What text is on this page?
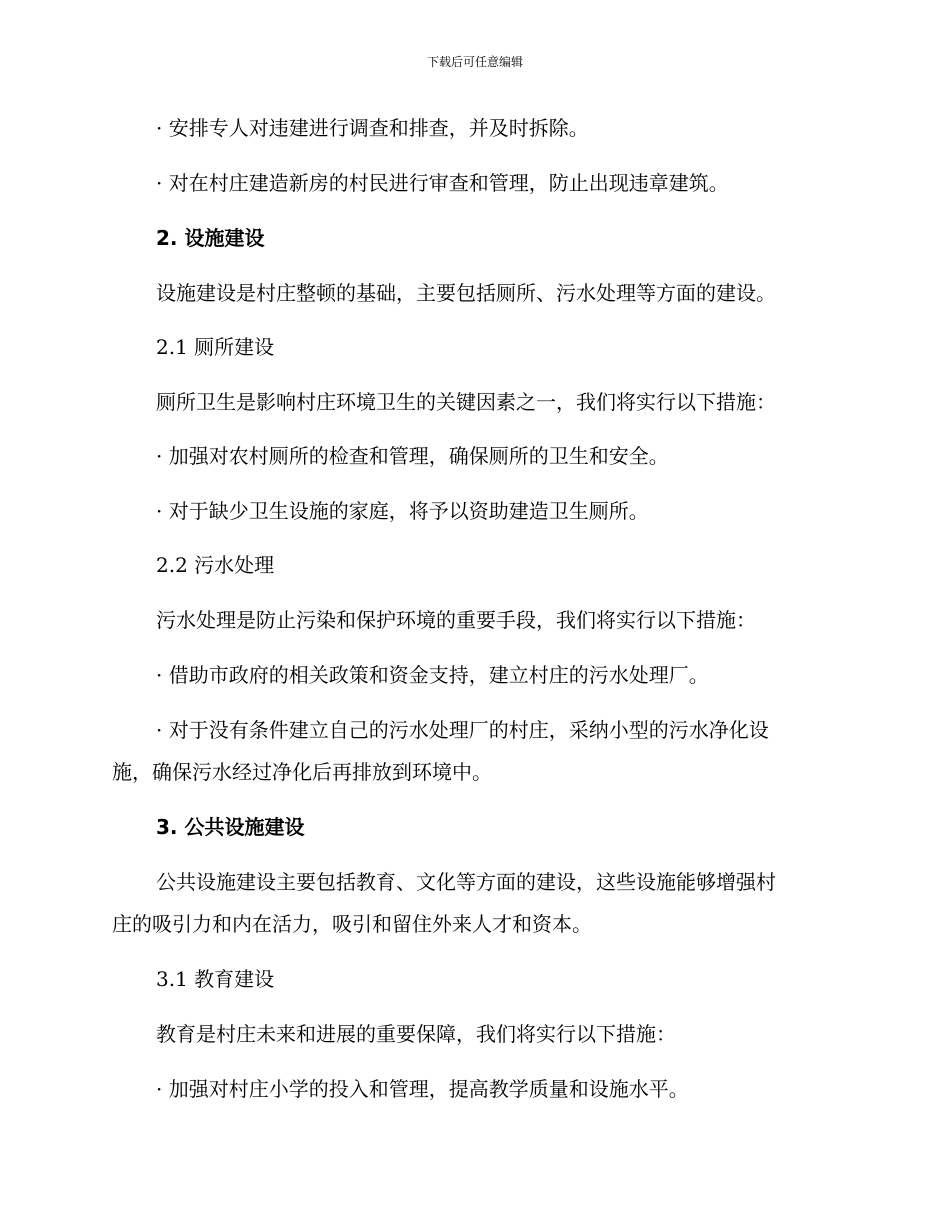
下载后可任意编辑
· 安排专人对违建进行调查和排查，并及时拆除。
· 对在村庄建造新房的村民进行审查和管理，防止出现违章建筑。
2. 设施建设
设施建设是村庄整顿的基础，主要包括厕所、污水处理等方面的建设。
2.1 厕所建设
厕所卫生是影响村庄环境卫生的关键因素之一，我们将实行以下措施：
· 加强对农村厕所的检查和管理，确保厕所的卫生和安全。
· 对于缺少卫生设施的家庭，将予以资助建造卫生厕所。
2.2 污水处理
污水处理是防止污染和保护环境的重要手段，我们将实行以下措施：
· 借助市政府的相关政策和资金支持，建立村庄的污水处理厂。
· 对于没有条件建立自己的污水处理厂的村庄，采纳小型的污水净化设
施，确保污水经过净化后再排放到环境中。
3. 公共设施建设
公共设施建设主要包括教育、文化等方面的建设，这些设施能够增强村
庄的吸引力和内在活力，吸引和留住外来人才和资本。
3.1 教育建设
教育是村庄未来和进展的重要保障，我们将实行以下措施：
· 加强对村庄小学的投入和管理，提高教学质量和设施水平。
